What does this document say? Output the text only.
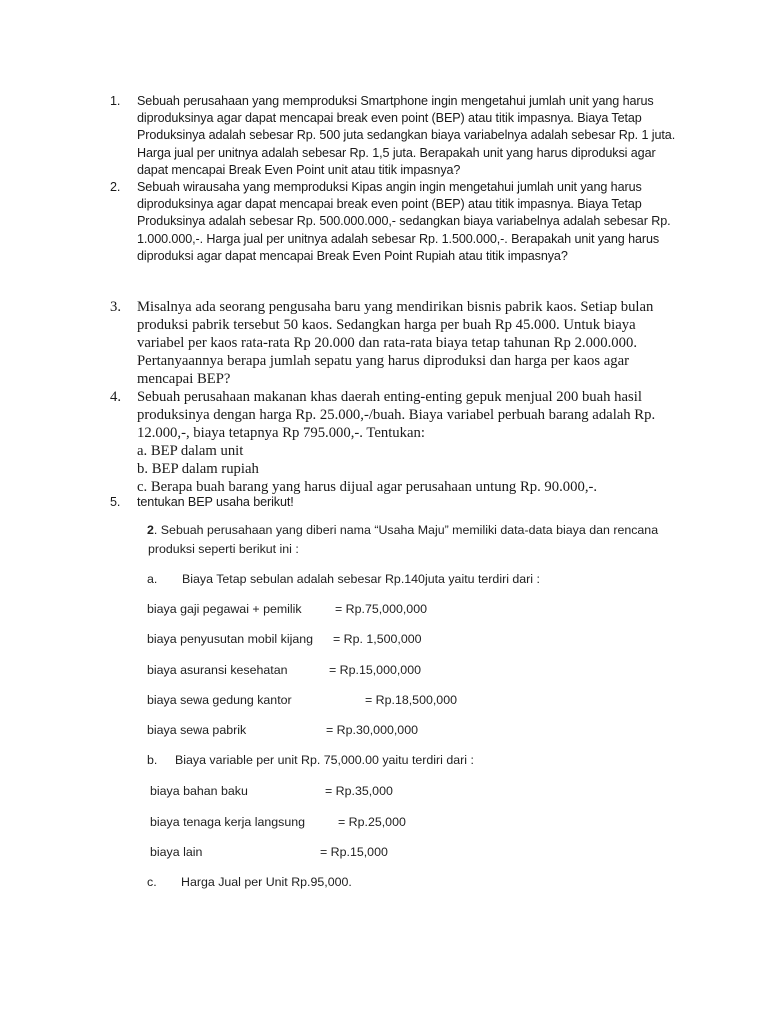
1.	Sebuah perusahaan yang memproduksi Smartphone ingin mengetahui jumlah unit yang harus
diproduksinya agar dapat mencapai break even point (BEP) atau titik impasnya. Biaya Tetap
Produksinya adalah sebesar Rp. 500 juta sedangkan biaya variabelnya adalah sebesar Rp. 1 juta.
Harga jual per unitnya adalah sebesar Rp. 1,5 juta. Berapakah unit yang harus diproduksi agar
dapat mencapai Break Even Point unit atau titik impasnya?
2.	Sebuah wirausaha yang memproduksi Kipas angin ingin mengetahui jumlah unit yang harus
diproduksinya agar dapat mencapai break even point (BEP) atau titik impasnya. Biaya Tetap
Produksinya adalah sebesar Rp. 500.000.000,- sedangkan biaya variabelnya adalah sebesar Rp.
1.000.000,-. Harga jual per unitnya adalah sebesar Rp. 1.500.000,-. Berapakah unit yang harus
diproduksi agar dapat mencapai Break Even Point Rupiah atau titik impasnya?
3.	Misalnya ada seorang pengusaha baru yang mendirikan bisnis pabrik kaos. Setiap bulan
produksi pabrik tersebut 50 kaos. Sedangkan harga per buah Rp 45.000. Untuk biaya
variabel per kaos rata-rata Rp 20.000 dan rata-rata biaya tetap tahunan Rp 2.000.000.
Pertanyaannya berapa jumlah sepatu yang harus diproduksi dan harga per kaos agar
mencapai BEP?
4.	Sebuah perusahaan makanan khas daerah enting-enting gepuk menjual 200 buah hasil
produksinya dengan harga Rp. 25.000,-/buah. Biaya variabel perbuah barang adalah Rp.
12.000,-, biaya tetapnya Rp 795.000,-. Tentukan:
a. BEP dalam unit
b. BEP dalam rupiah
c. Berapa buah barang yang harus dijual agar perusahaan untung Rp. 90.000,-.
5.	tentukan BEP usaha berikut!
2. Sebuah perusahaan yang diberi nama “Usaha Maju” memiliki data-data biaya dan rencana
produksi seperti berikut ini :
a. Biaya Tetap sebulan adalah sebesar Rp.140juta yaitu terdiri dari :
biaya gaji pegawai + pemilik	= Rp.75,000,000
biaya penyusutan mobil kijang = Rp. 1,500,000
biaya asuransi kesehatan	= Rp.15,000,000
biaya sewa gedung kantor	= Rp.18,500,000
biaya sewa pabrik	= Rp.30,000,000
b. Biaya variable per unit Rp. 75,000.00 yaitu terdiri dari :
biaya bahan baku	= Rp.35,000
biaya tenaga kerja langsung	= Rp.25,000
biaya lain	= Rp.15,000
c. Harga Jual per Unit Rp.95,000.
